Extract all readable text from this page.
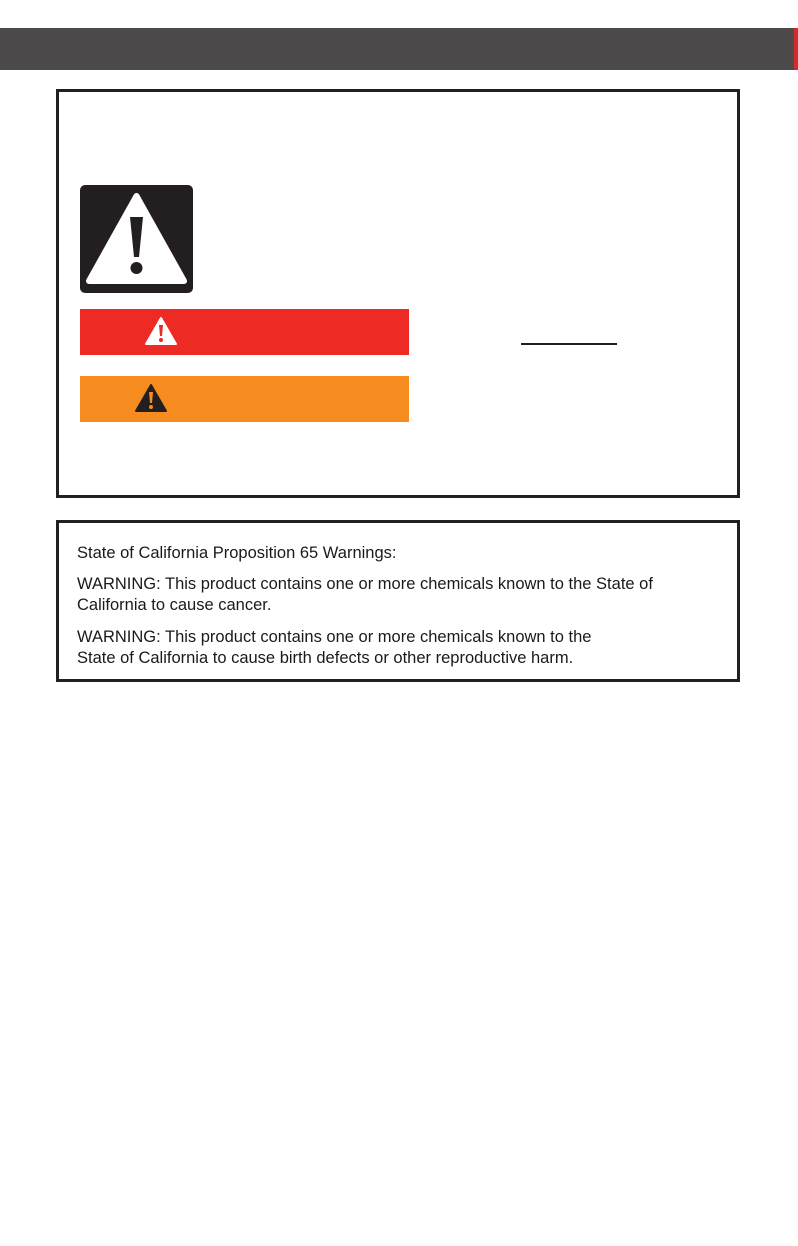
State of California Proposition 65 Warnings:
WARNING: This product contains one or more chemicals known to the State of
California to cause cancer.
WARNING: This product contains one or more chemicals known to the
State of California to cause birth defects or other reproductive harm.
